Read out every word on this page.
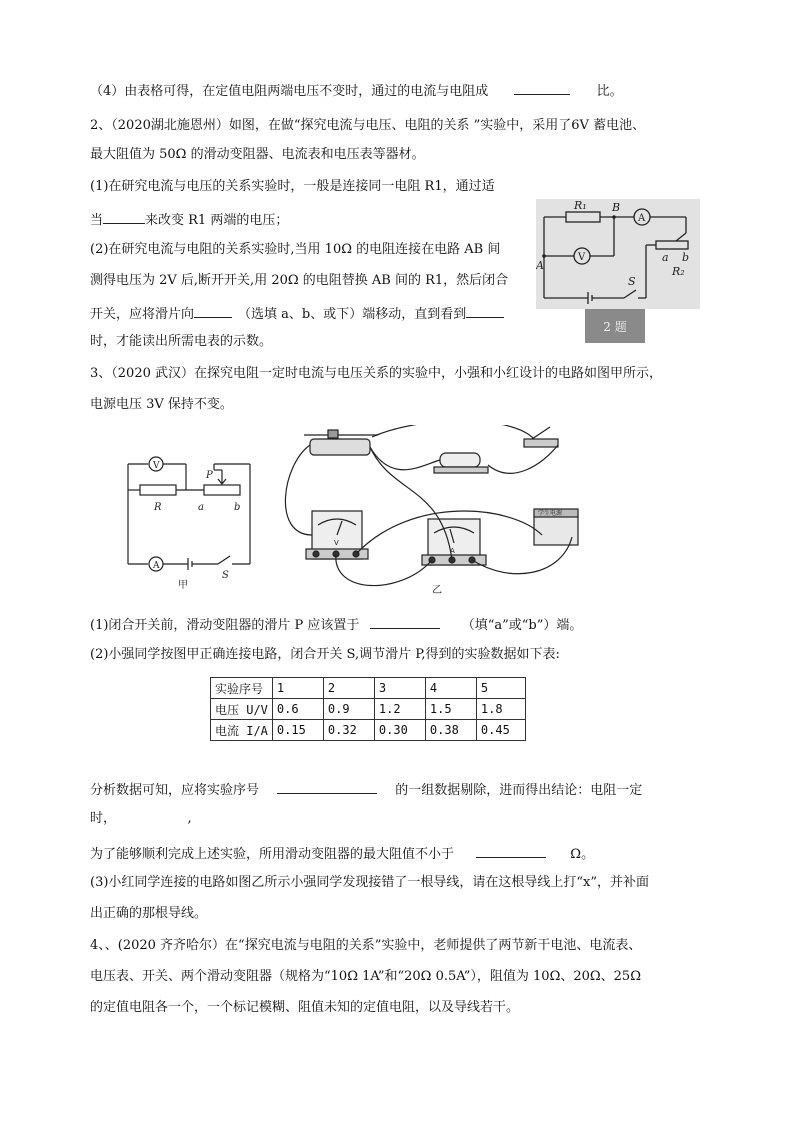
（4）由表格可得，在定值电阻两端电压不变时，通过的电流与电阻成	比。
2、（2020湖北施恩州）如图，在做“探究电流与电压、电阻的关系 ”实验中，采用了6V 蓄电池、
最大阻值为 50Ω 的滑动变阻器、电流表和电压表等器材。
(1)在研究电流与电压的关系实验时，一般是连接同一电阻 R1，通过适
当	来改变 R1 两端的电压；
(2)在研究电流与电阻的关系实验时,当用 10Ω 的电阻连接在电路 AB 间
测得电压为 2V 后,断开开关,用 20Ω 的电阻替换 AB 间的 R1，然后闭合
开关，应将滑片向	（选填 a、b、或下）端移动，直到看到
时，才能读出所需电表的示数。
R₁ B
A
V
A
a b
R₂
S
2 题
3、（2020 武汉）在探究电阻一定时电流与电压关系的实验中，小强和小红设计的电路如图甲所示，
电源电压 3V 保持不变。
V
P
R	a	b
A
S
甲
学生电源
A
V
乙
(1)闭合开关前，滑动变阻器的滑片 P 应该置于	（填“a”或“b”）端。
(2)小强同学按图甲正确连接电路，闭合开关 S,调节滑片 P,得到的实验数据如下表:
实验序号	1	2	3	4	5
电压 U/V	0.6	0.9	1.2	1.5	1.8
电流 I/A	0.15	0.32	0.30	0.38	0.45
分析数据可知，应将实验序号	的一组数据剔除，进而得出结论：电阻一定
时，　　　　　　,
为了能够顺利完成上述实验，所用滑动变阻器的最大阻值不小于	Ω。
(3)小红同学连接的电路如图乙所示小强同学发现接错了一根导线，请在这根导线上打“x”，并补面
出正确的那根导线。
4、、(2020 齐齐哈尔）在“探究电流与电阻的关系”实验中，老师提供了两节新干电池、电流表、
电压表、开关、两个滑动变阻器（规格为“10Ω 1A”和“20Ω 0.5A”），阻值为 10Ω、20Ω、25Ω
的定值电阻各一个，一个标记模糊、阻值未知的定值电阻，以及导线若干。
